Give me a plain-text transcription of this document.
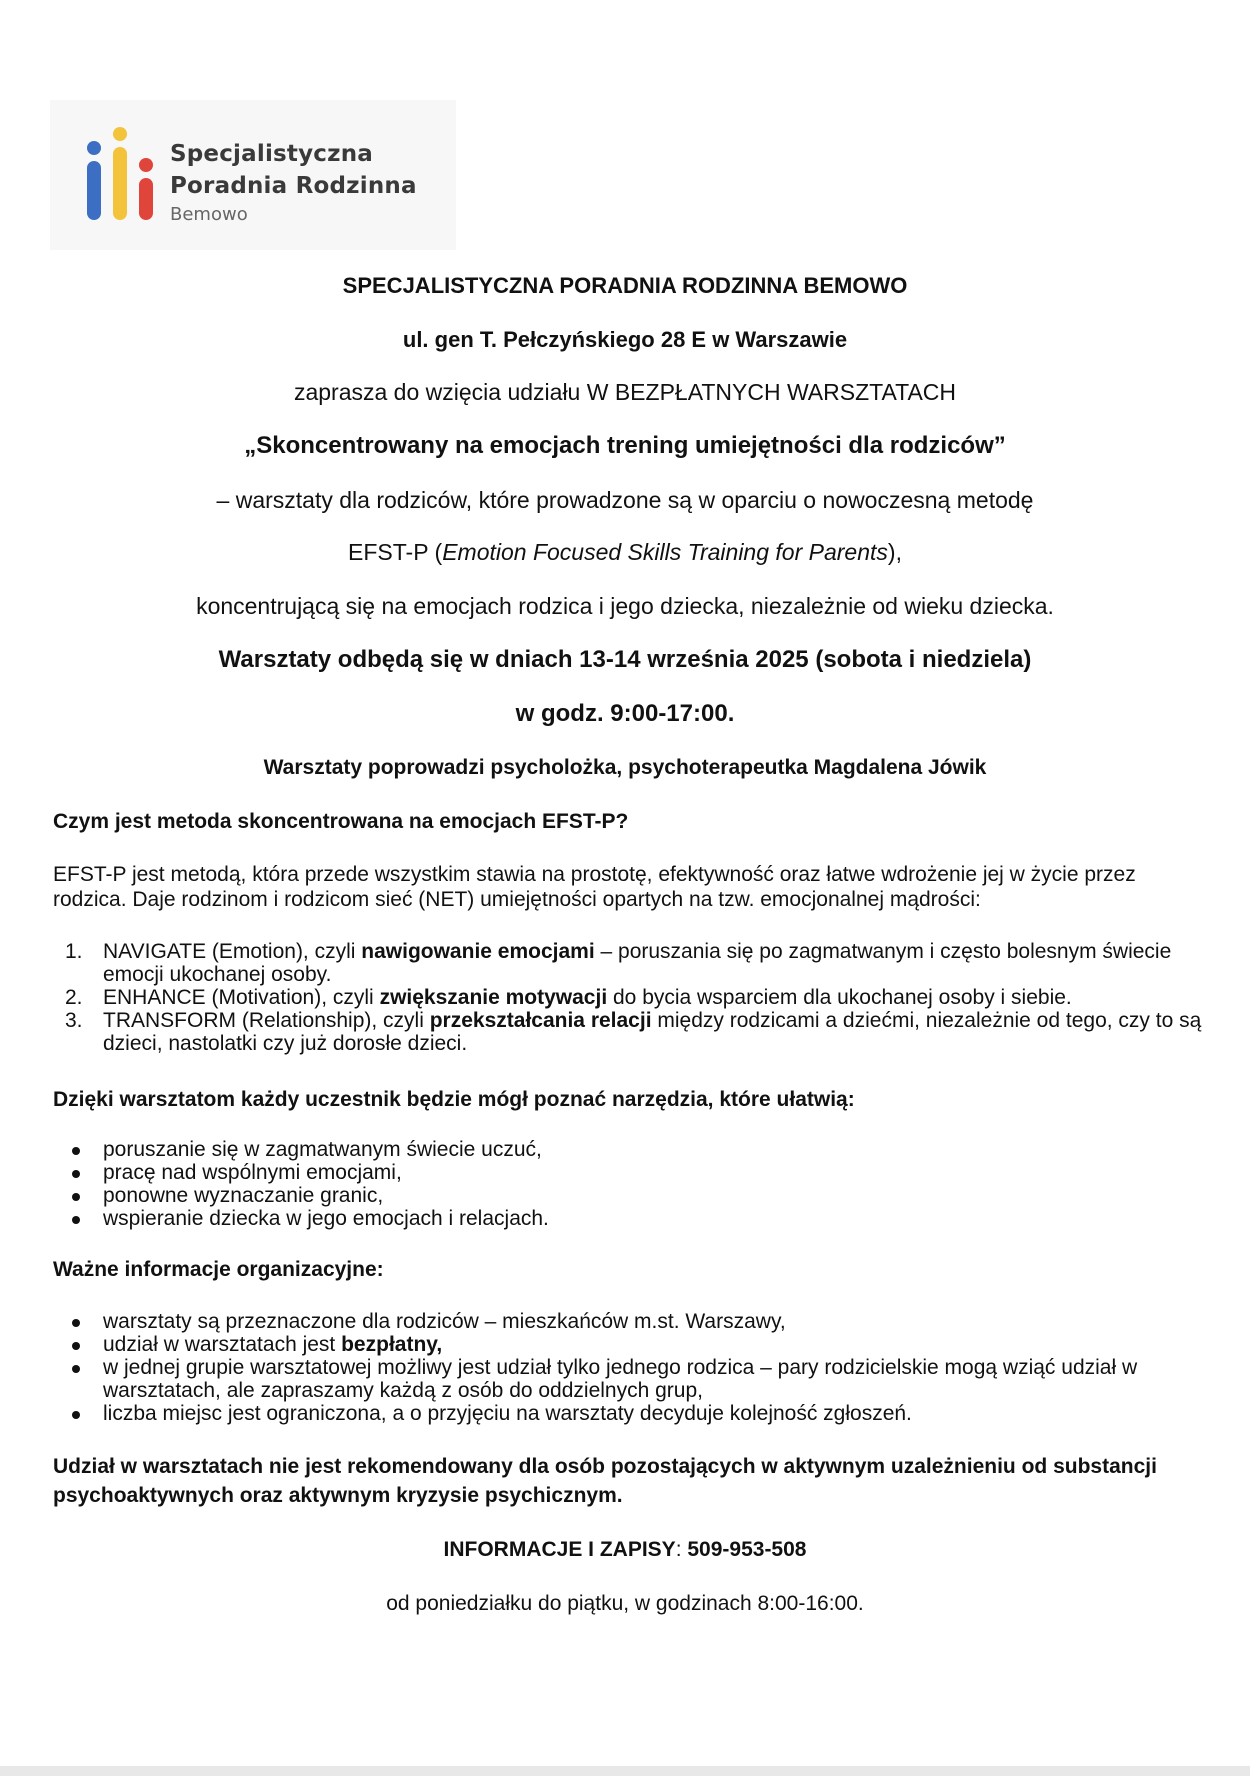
Specjalistyczna
Poradnia Rodzinna
Bemowo
SPECJALISTYCZNA PORADNIA RODZINNA BEMOWO
ul. gen T. Pełczyńskiego 28 E w Warszawie
zaprasza do wzięcia udziału W BEZPŁATNYCH WARSZTATACH
„Skoncentrowany na emocjach trening umiejętności dla rodziców”
– warsztaty dla rodziców, które prowadzone są w oparciu o nowoczesną metodę
EFST-P (Emotion Focused Skills Training for Parents),
koncentrującą się na emocjach rodzica i jego dziecka, niezależnie od wieku dziecka.
Warsztaty odbędą się w dniach 13-14 września 2025 (sobota i niedziela)
w godz. 9:00-17:00.
Warsztaty poprowadzi psycholożka, psychoterapeutka Magdalena Jówik
Czym jest metoda skoncentrowana na emocjach EFST-P?
EFST-P jest metodą, która przede wszystkim stawia na prostotę, efektywność oraz łatwe wdrożenie jej w życie przez rodzica. Daje rodzinom i rodzicom sieć (NET) umiejętności opartych na tzw. emocjonalnej mądrości:
1. NAVIGATE (Emotion), czyli nawigowanie emocjami – poruszania się po zagmatwanym i często bolesnym świecie emocji ukochanej osoby.
2. ENHANCE (Motivation), czyli zwiększanie motywacji do bycia wsparciem dla ukochanej osoby i siebie.
3. TRANSFORM (Relationship), czyli przekształcania relacji między rodzicami a dziećmi, niezależnie od tego, czy to są dzieci, nastolatki czy już dorosłe dzieci.
Dzięki warsztatom każdy uczestnik będzie mógł poznać narzędzia, które ułatwią:
poruszanie się w zagmatwanym świecie uczuć,
pracę nad wspólnymi emocjami,
ponowne wyznaczanie granic,
wspieranie dziecka w jego emocjach i relacjach.
Ważne informacje organizacyjne:
warsztaty są przeznaczone dla rodziców – mieszkańców m.st. Warszawy,
udział w warsztatach jest bezpłatny,
w jednej grupie warsztatowej możliwy jest udział tylko jednego rodzica – pary rodzicielskie mogą wziąć udział w warsztatach, ale zapraszamy każdą z osób do oddzielnych grup,
liczba miejsc jest ograniczona, a o przyjęciu na warsztaty decyduje kolejność zgłoszeń.
Udział w warsztatach nie jest rekomendowany dla osób pozostających w aktywnym uzależnieniu od substancji psychoaktywnych oraz aktywnym kryzysie psychicznym.
INFORMACJE I ZAPISY: 509-953-508
od poniedziałku do piątku, w godzinach 8:00-16:00.
